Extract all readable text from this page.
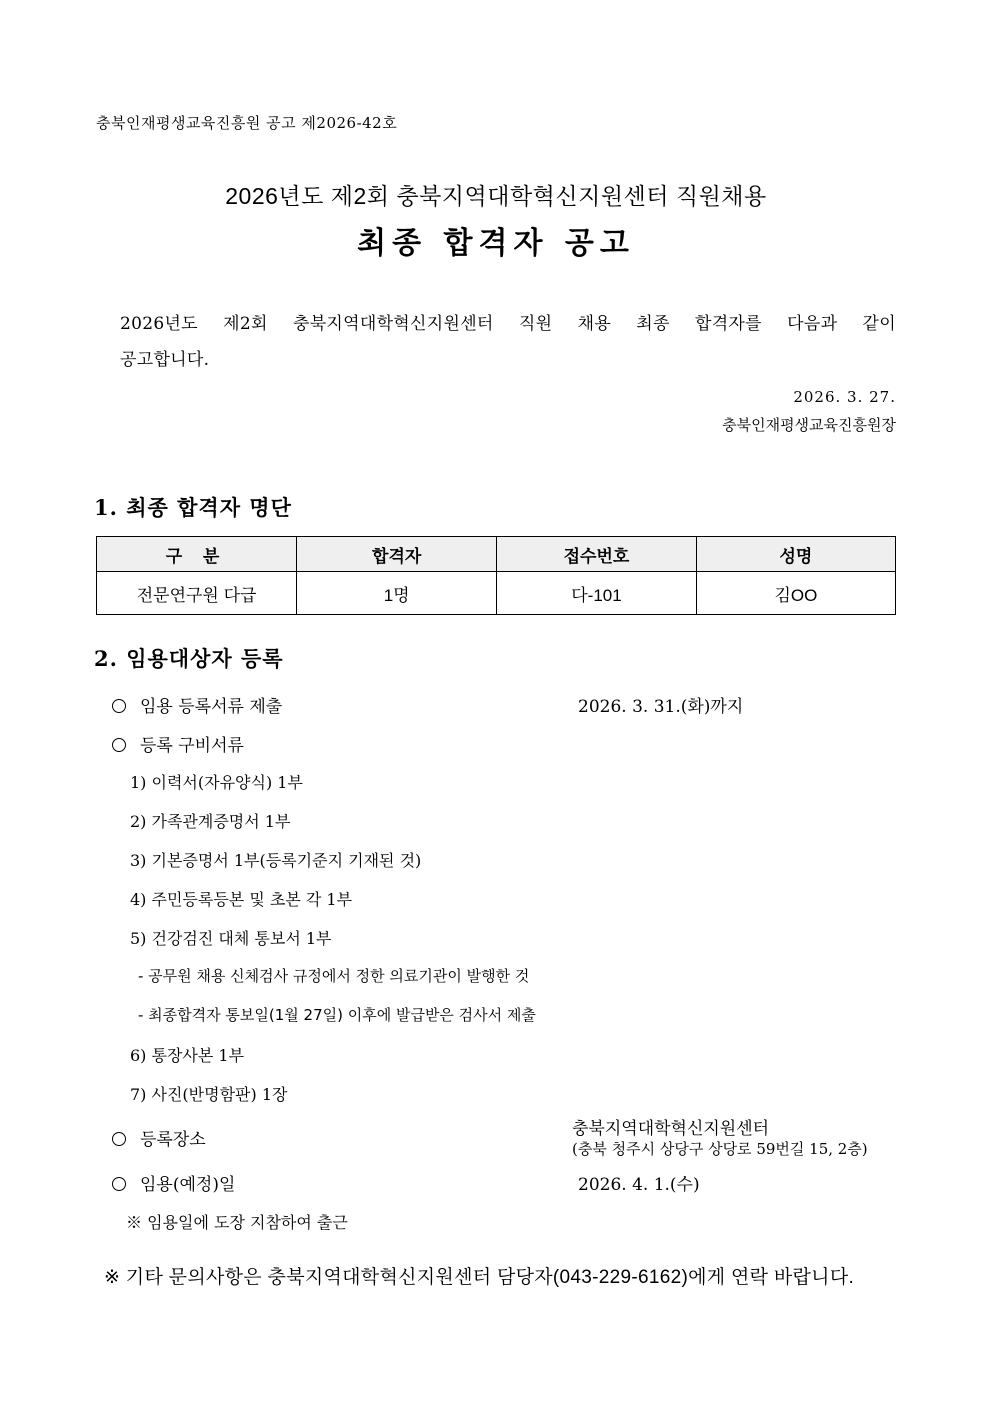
충북인재평생교육진흥원 공고 제2026-42호
2026년도 제2회 충북지역대학혁신지원센터 직원채용
최종 합격자 공고
2026년도 제2회 충북지역대학혁신지원센터 직원 채용 최종 합격자를 다음과 같이
공고합니다.
2026. 3. 27.
충북인재평생교육진흥원장
1. 최종 합격자 명단
구 분	합격자	접수번호	성명
전문연구원 다급	1명	다-101	김OO
2. 임용대상자 등록
임용 등록서류 제출	2026. 3. 31.(화)까지
등록 구비서류
1) 이력서(자유양식) 1부
2) 가족관계증명서 1부
3) 기본증명서 1부(등록기준지 기재된 것)
4) 주민등록등본 및 초본 각 1부
5) 건강검진 대체 통보서 1부
- 공무원 채용 신체검사 규정에서 정한 의료기관이 발행한 것
- 최종합격자 통보일(1월 27일) 이후에 발급받은 검사서 제출
6) 통장사본 1부
7) 사진(반명함판) 1장
등록장소
충북지역대학혁신지원센터
(충북 청주시 상당구 상당로 59번길 15, 2층)
임용(예정)일	2026. 4. 1.(수)
※ 임용일에 도장 지참하여 출근
※ 기타 문의사항은 충북지역대학혁신지원센터 담당자(043-229-6162)에게 연락 바랍니다.
